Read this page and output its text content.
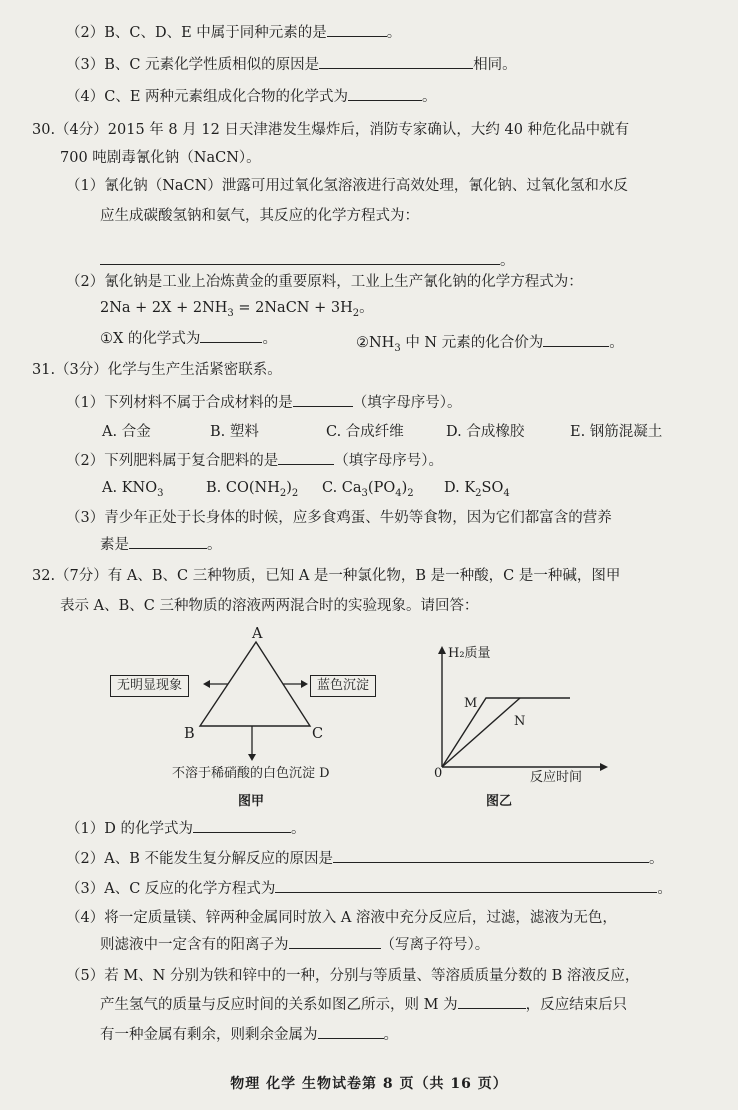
（2）B、C、D、E 中属于同种元素的是	。
（3）B、C 元素化学性质相似的原因是	相同。
（4）C、E 两种元素组成化合物的化学式为	。
30.（4分）2015 年 8 月 12 日天津港发生爆炸后，消防专家确认，大约 40 种危化品中就有
700 吨剧毒氰化钠（NaCN）。
（1）氰化钠（NaCN）泄露可用过氧化氢溶液进行高效处理，氰化钠、过氧化氢和水反
应生成碳酸氢钠和氨气，其反应的化学方程式为：
。
（2）氰化钠是工业上冶炼黄金的重要原料，工业上生产氰化钠的化学方程式为：
$2Na + 2X + 2NH_3$ = 2NaCN + $3H_2$。
①X 的化学式为	。	$②NH_3$ 中 N 元素的化合价为	。
31.（3分）化学与生产生活紧密联系。
（1）下列材料不属于合成材料的是	（填字母序号）。
A. 合金	B. 塑料	C. 合成纤维	D. 合成橡胶	E. 钢筋混凝土
（2）下列肥料属于复合肥料的是	（填字母序号）。
A. $KNO_3$	B. $CO(NH_2)_2$ C. $Ca_3(PO_4)_2$ D. $K_2SO_4$
（3）青少年正处于长身体的时候，应多食鸡蛋、牛奶等食物，因为它们都富含的营养
素是	。
32.（7分）有 A、B、C 三种物质，已知 A 是一种氯化物，B 是一种酸，C 是一种碱，图甲
表示 A、B、C 三种物质的溶液两两混合时的实验现象。请回答：
A
B	C
无明显现象	蓝色沉淀
不溶于稀硝酸的白色沉淀 D
图甲
H₂质量
M
N
0	反应时间
图乙
（1）D 的化学式为	。
（2）A、B 不能发生复分解反应的原因是	。
（3）A、C 反应的化学方程式为	。
（4）将一定质量镁、锌两种金属同时放入 A 溶液中充分反应后，过滤，滤液为无色，
则滤液中一定含有的阳离子为	（写离子符号）。
（5）若 M、N 分别为铁和锌中的一种，分别与等质量、等溶质质量分数的 B 溶液反应，
产生氢气的质量与反应时间的关系如图乙所示，则 M 为	，反应结束后只
有一种金属有剩余，则剩余金属为	。
物理 化学 生物试卷第 8 页（共 16 页）
